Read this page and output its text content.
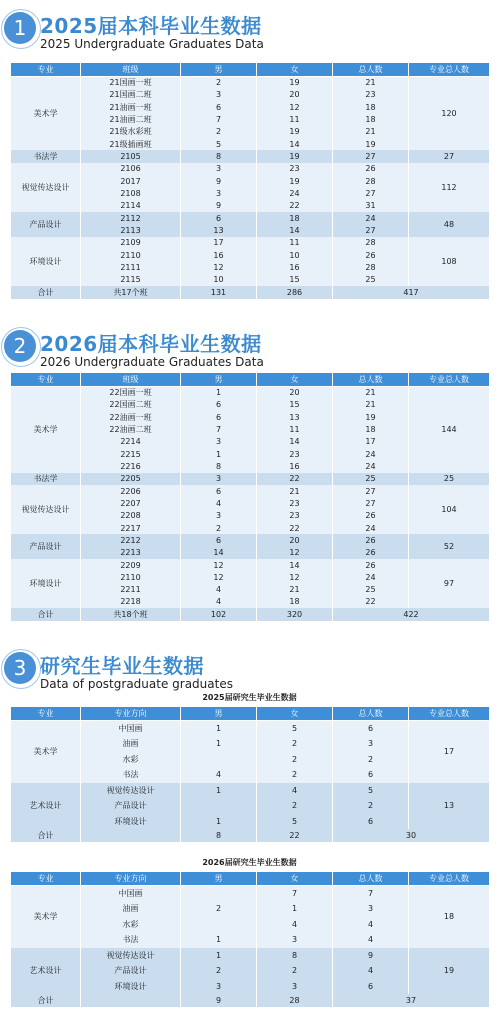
1 2025届本科毕业生数据
2025 Undergraduate Graduates Data
专业	班级	男	女	总人数	专业总人数
美术学	21国画一班	2	19	21	120
	21国画二班	3	20	23	
	21油画一班	6	12	18	
	21油画二班	7	11	18	
	21级水彩班	2	19	21	
	21级插画班	5	14	19	
书法学	2105	8	19	27	27
视觉传达设计	2106	3	23	26	112
	2017	9	19	28	
	2108	3	24	27	
	2114	9	22	31	
产品设计	2112	6	18	24	48
	2113	13	14	27	
环境设计	2109	17	11	28	108
	2110	16	10	26	
	2111	12	16	28	
	2115	10	15	25	
合计	共17个班	131	286	417	
2 2026届本科毕业生数据
2026 Undergraduate Graduates Data
专业	班级	男	女	总人数	专业总人数
美术学	22国画一班	1	20	21	144
	22国画二班	6	15	21	
	22油画一班	6	13	19	
	22油画二班	7	11	18	
	2214	3	14	17	
	2215	1	23	24	
	2216	8	16	24	
书法学	2205	3	22	25	25
视觉传达设计	2206	6	21	27	104
	2207	4	23	27	
	2208	3	23	26	
	2217	2	22	24	
产品设计	2212	6	20	26	52
	2213	14	12	26	
环境设计	2209	12	14	26	97
	2110	12	12	24	
	2211	4	21	25	
	2218	4	18	22	
合计	共18个班	102	320	422	
3 研究生毕业生数据
Data of postgraduate graduates
2025届研究生毕业生数据
专业	专业方向	男	女	总人数	专业总人数
美术学	中国画	1	5	6	17
	油画	1	2	3	
	水彩		2	2	
	书法	4	2	6	
艺术设计	视觉传达设计	1	4	5	13
	产品设计		2	2	
	环境设计	1	5	6	
合计		8	22	30	
2026届研究生毕业生数据
专业	专业方向	男	女	总人数	专业总人数
美术学	中国画		7	7	18
	油画	2	1	3	
	水彩		4	4	
	书法	1	3	4	
艺术设计	视觉传达设计	1	8	9	19
	产品设计	2	2	4	
	环境设计	3	3	6	
合计		9	28	37	
